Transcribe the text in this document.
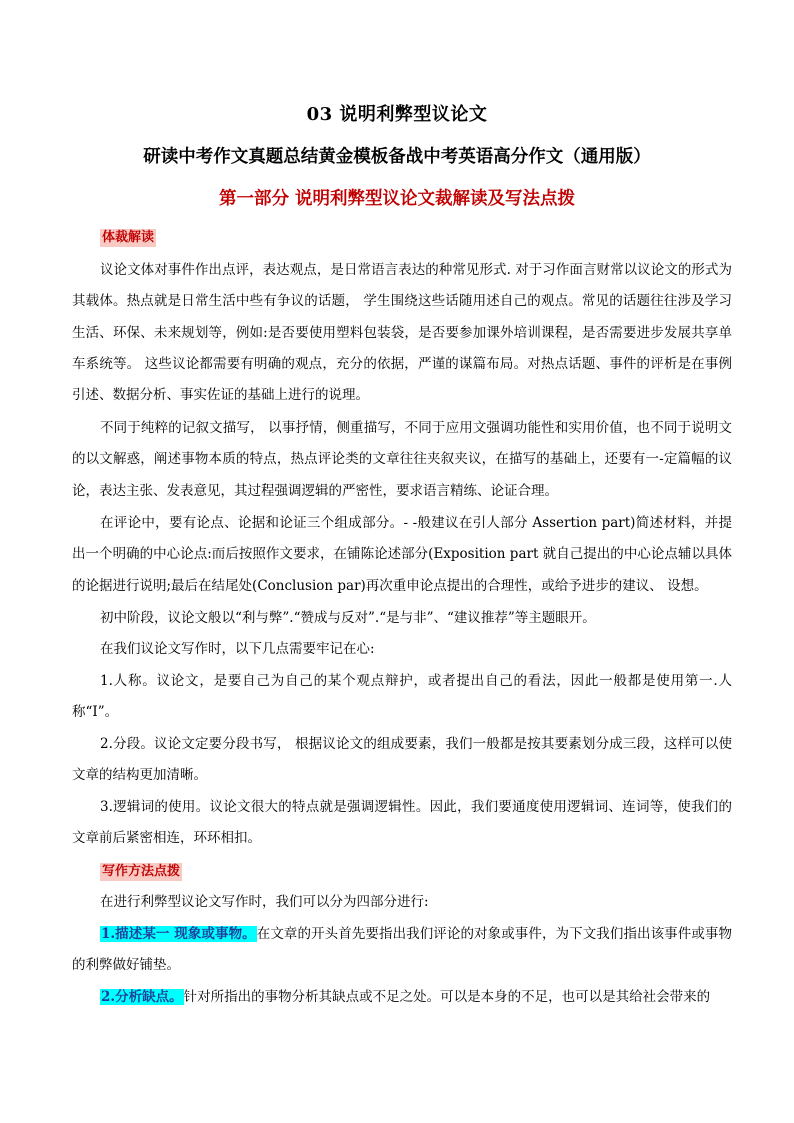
03 说明利弊型议论文
研读中考作文真题总结黄金模板备战中考英语高分作文（通用版）
第一部分 说明利弊型议论文裁解读及写法点拨
体裁解读

议论文体对事件作出点评，表达观点，是日常语言表达的种常见形式. 对于习作面言财常以议论文的形式为其载体。热点就是日常生活中些有争议的话题， 学生围绕这些话随用述自己的观点。常见的话题往往涉及学习生活、环保、未来规划等，例如:是否要使用塑料包装袋，是否要参加课外培训课程，是否需要进步发展共享单车系统等。 这些议论都需要有明确的观点，充分的依据，严谨的谋篇布局。对热点话题、事件的评析是在事例引述、数据分析、事实佐证的基础上进行的说理。

不同于纯粹的记叙文描写， 以事抒情，侧重描写，不同于应用文强调功能性和实用价值，也不同于说明文的以文解惑，阐述事物本质的特点，热点评论类的文章往往夹叙夹议，在描写的基础上，还要有一-定篇幅的议论，表达主张、发表意见，其过程强调逻辑的严密性，要求语言精练、论证合理。

在评论中，要有论点、论据和论证三个组成部分。- -般建议在引人部分 Assertion part)简述材料，并提出一个明确的中心论点:而后按照作文要求，在铺陈论述部分(Exposition part 就自己提出的中心论点辅以具体的论据进行说明;最后在结尾处(Conclusion par)再次重申论点提出的合理性，或给予进步的建议、 设想。

初中阶段，议论文般以“利与弊”.“赞成与反对”.“是与非”、“建议推荐”等主题眼开。

在我们议论文写作时，以下几点需要牢记在心:

1.人称。议论文，是要自己为自己的某个观点辩护，或者提出自己的看法，因此一般都是使用第一.人称“I”。

2.分段。议论文定要分段书写， 根据议论文的组成要素，我们一般都是按其要素划分成三段，这样可以使文章的结构更加清晰。

3.逻辑词的使用。议论文很大的特点就是强调逻辑性。因此，我们要通度使用逻辑词、连词等，使我们的文章前后紧密相连，环环相扣。

写作方法点拨

在进行利弊型议论文写作时，我们可以分为四部分进行:

1.描述某一 现象或事物。在文章的开头首先要指出我们评论的对象或事件，为下文我们指出该事件或事物的利弊做好铺垫。

2.分析缺点。针对所指出的事物分析其缺点或不足之处。可以是本身的不足，也可以是其给社会带来的
